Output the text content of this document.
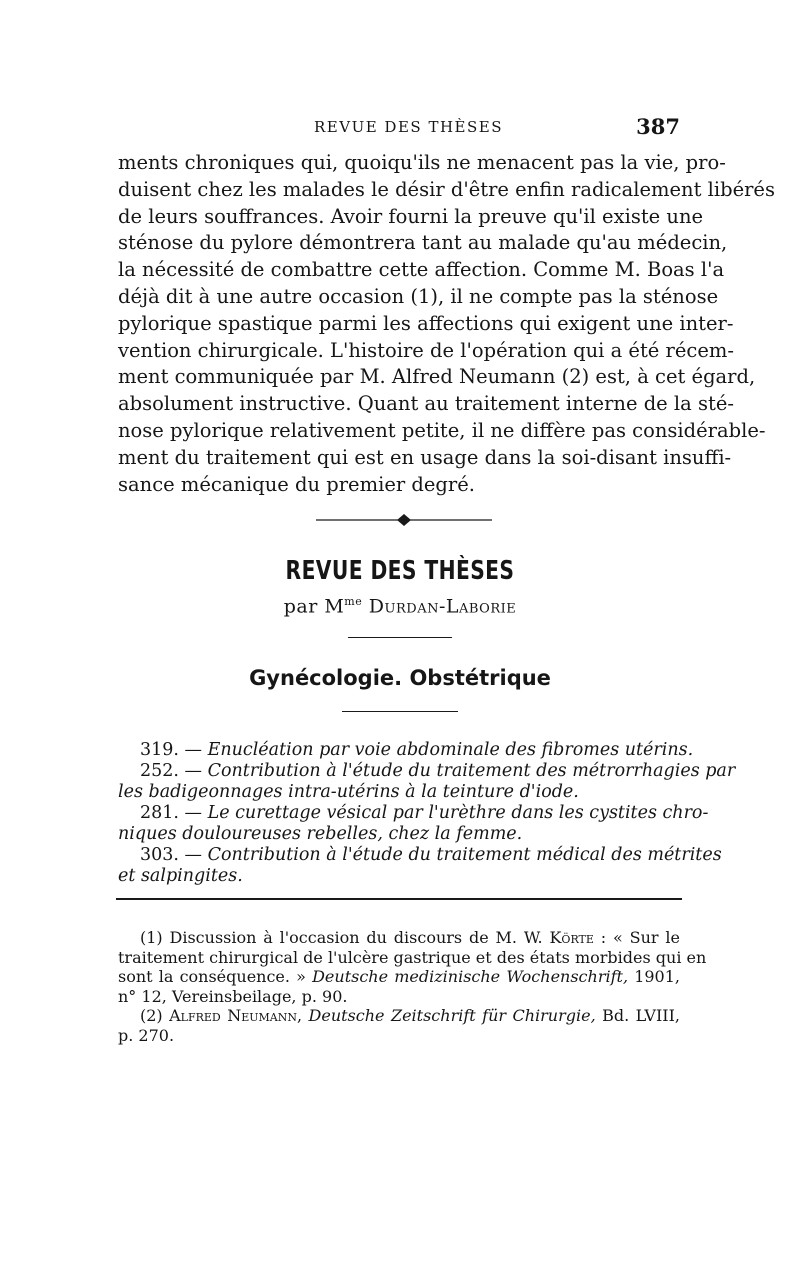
REVUE DES THÈSES	387
ments chroniques qui, quoiqu'ils ne menacent pas la vie, pro-
duisent chez les malades le désir d'être enfin radicalement libérés
de leurs souffrances. Avoir fourni la preuve qu'il existe une
sténose du pylore démontrera tant au malade qu'au médecin,
la nécessité de combattre cette affection. Comme M. Boas l'a
déjà dit à une autre occasion (1), il ne compte pas la sténose
pylorique spastique parmi les affections qui exigent une inter-
vention chirurgicale. L'histoire de l'opération qui a été récem-
ment communiquée par M. Alfred Neumann (2) est, à cet égard,
absolument instructive. Quant au traitement interne de la sté-
nose pylorique relativement petite, il ne diffère pas considérable-
ment du traitement qui est en usage dans la soi-disant insuffi-
sance mécanique du premier degré.
REVUE DES THÈSES
par $M^{me}$ Durdan-Laborie
Gynécologie. Obstétrique
319. — Enucléation par voie abdominale des fibromes utérins.
252. — Contribution à l'étude du traitement des métrorrhagies par
les badigeonnages intra-utérins à la teinture d'iode.
281. — Le curettage vésical par l'urèthre dans les cystites chro-
niques douloureuses rebelles, chez la femme.
303. — Contribution à l'étude du traitement médical des métrites
et salpingites.
(1) Discussion à l'occasion du discours de M. W. Körte : « Sur le
traitement chirurgical de l'ulcère gastrique et des états morbides qui en
sont la conséquence. » Deutsche medizinische Wochenschrift, 1901,
n° 12, Vereinsbeilage, p. 90.
(2) Alfred Neumann, Deutsche Zeitschrift für Chirurgie, Bd. LVIII,
p. 270.
